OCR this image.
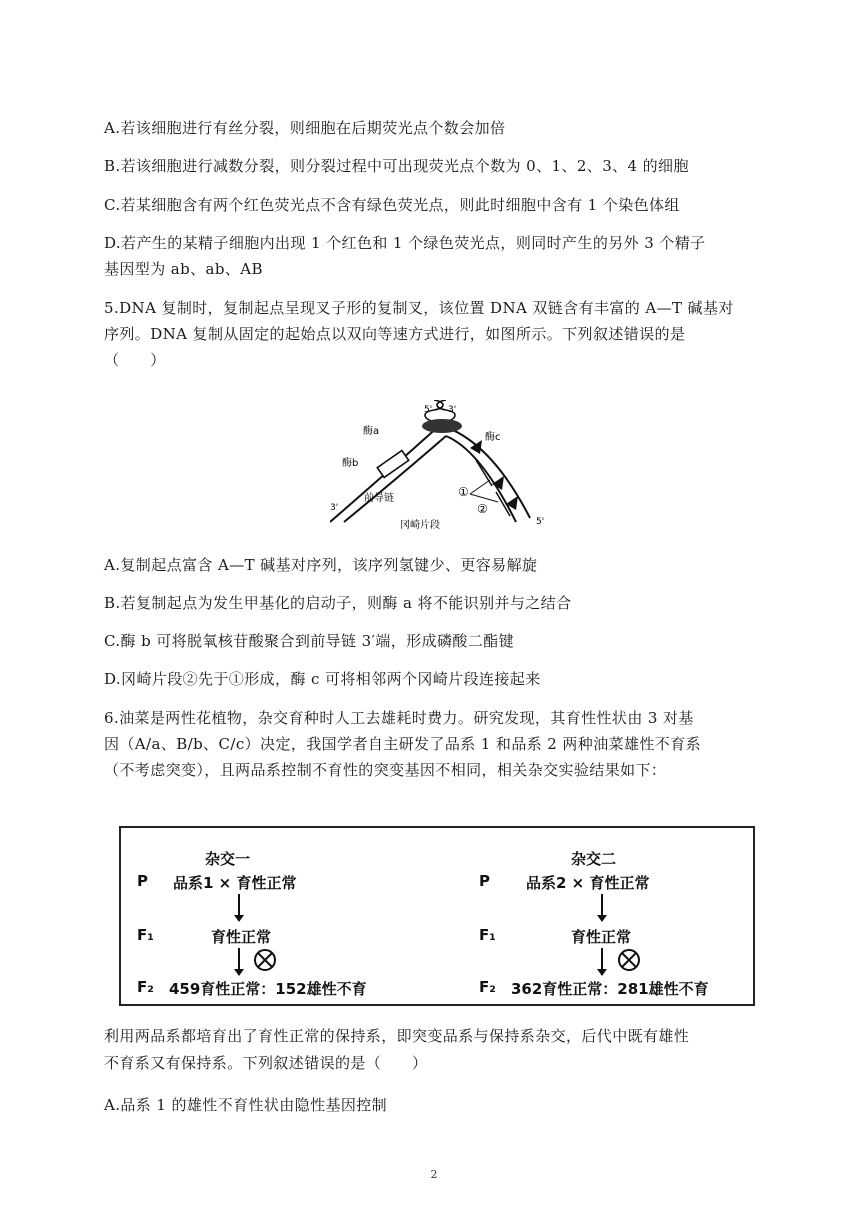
A.若该细胞进行有丝分裂，则细胞在后期荧光点个数会加倍
B.若该细胞进行减数分裂，则分裂过程中可出现荧光点个数为 0、1、2、3、4 的细胞
C.若某细胞含有两个红色荧光点不含有绿色荧光点，则此时细胞中含有 1 个染色体组
D.若产生的某精子细胞内出现 1 个红色和 1 个绿色荧光点，则同时产生的另外 3 个精子
基因型为 ab、ab、AB
5.DNA 复制时，复制起点呈现叉子形的复制叉，该位置 DNA 双链含有丰富的 A—T 碱基对
序列。DNA 复制从固定的起始点以双向等速方式进行，如图所示。下列叙述错误的是
（　　）
酶a
酶b
酶c
前导链
冈崎片段
3'
5'
5' 3'
①
②
A.复制起点富含 A—T 碱基对序列，该序列氢键少、更容易解旋
B.若复制起点为发生甲基化的启动子，则酶 a 将不能识别并与之结合
C.酶 b 可将脱氧核苷酸聚合到前导链 3′端，形成磷酸二酯键
D.冈崎片段②先于①形成，酶 c 可将相邻两个冈崎片段连接起来
6.油菜是两性花植物，杂交育种时人工去雄耗时费力。研究发现，其育性性状由 3 对基
因（A/a、B/b、C/c）决定，我国学者自主研发了品系 1 和品系 2 两种油菜雄性不育系
（不考虑突变），且两品系控制不育性的突变基因不相同，相关杂交实验结果如下：
杂交一
P 品系1 × 育性正常
F₁	育性正常
F₂ 459育性正常：152雄性不育
杂交二
P 品系2 × 育性正常
F₁	育性正常
F₂ 362育性正常：281雄性不育
利用两品系都培育出了育性正常的保持系，即突变品系与保持系杂交，后代中既有雄性
不育系又有保持系。下列叙述错误的是（　　）
A.品系 1 的雄性不育性状由隐性基因控制
2
